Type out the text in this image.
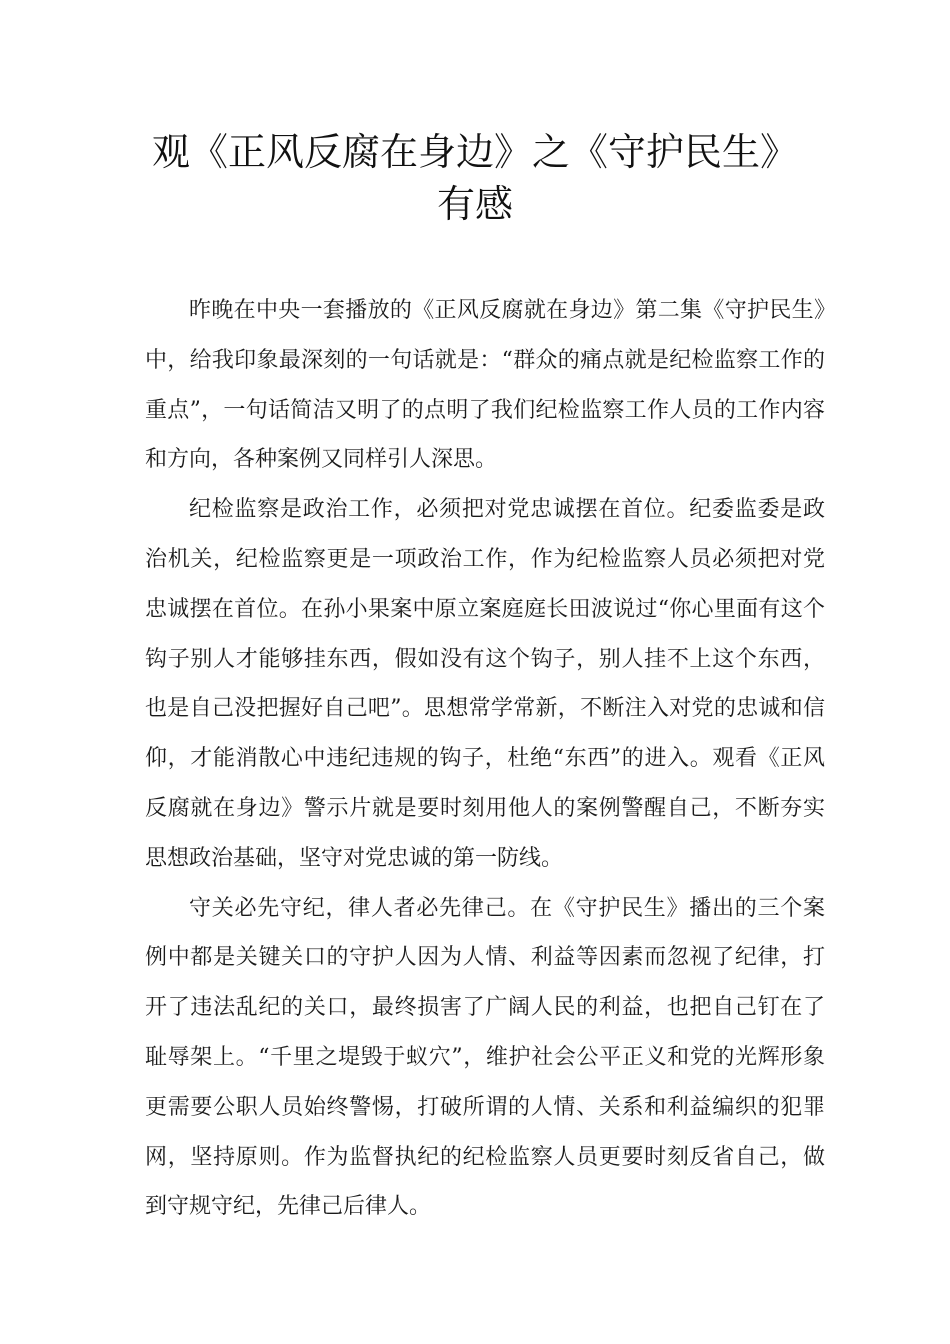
观《正风反腐在身边》之《守护民生》
有感

昨晚在中央一套播放的《正风反腐就在身边》第二集《守护民生》中，给我印象最深刻的一句话就是：“群众的痛点就是纪检监察工作的重点”，一句话简洁又明了的点明了我们纪检监察工作人员的工作内容和方向，各种案例又同样引人深思。

纪检监察是政治工作，必须把对党忠诚摆在首位。纪委监委是政治机关，纪检监察更是一项政治工作，作为纪检监察人员必须把对党忠诚摆在首位。在孙小果案中原立案庭庭长田波说过“你心里面有这个钩子别人才能够挂东西，假如没有这个钩子，别人挂不上这个东西，也是自己没把握好自己吧”。思想常学常新，不断注入对党的忠诚和信仰，才能消散心中违纪违规的钩子，杜绝“东西”的进入。观看《正风反腐就在身边》警示片就是要时刻用他人的案例警醒自己，不断夯实思想政治基础，坚守对党忠诚的第一防线。

守关必先守纪，律人者必先律己。在《守护民生》播出的三个案例中都是关键关口的守护人因为人情、利益等因素而忽视了纪律，打开了违法乱纪的关口，最终损害了广阔人民的利益，也把自己钉在了耻辱架上。“千里之堤毁于蚁穴”，维护社会公平正义和党的光辉形象更需要公职人员始终警惕，打破所谓的人情、关系和利益编织的犯罪网，坚持原则。作为监督执纪的纪检监察人员更要时刻反省自己，做到守规守纪，先律己后律人。
